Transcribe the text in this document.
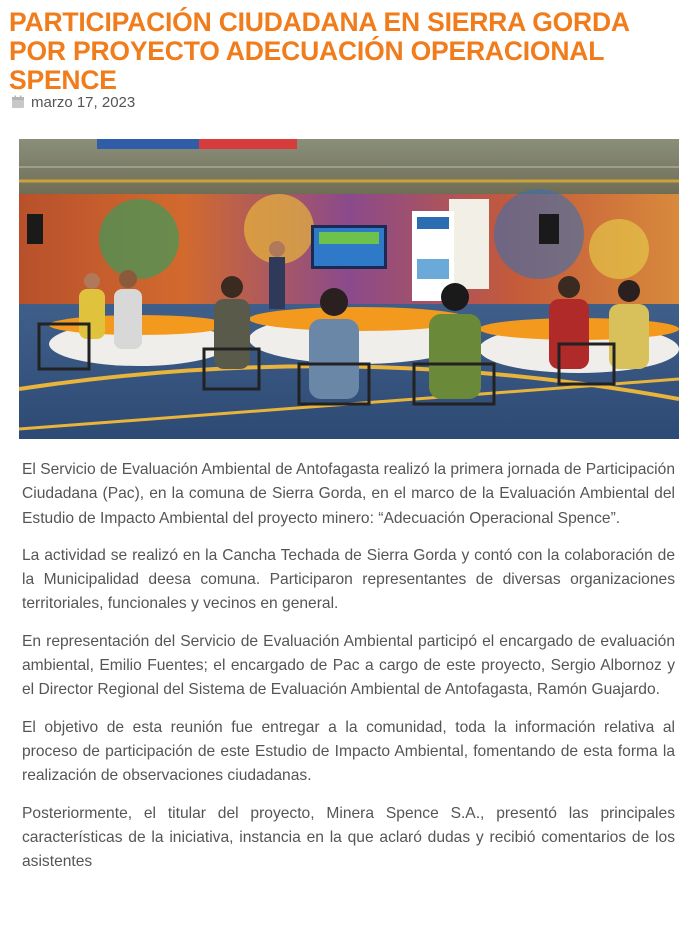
PARTICIPACIÓN CIUDADANA EN SIERRA GORDA POR PROYECTO ADECUACIÓN OPERACIONAL SPENCE
marzo 17, 2023

El Servicio de Evaluación Ambiental de Antofagasta realizó la primera jornada de Participación Ciudadana (Pac), en la comuna de Sierra Gorda, en el marco de la Evaluación Ambiental del Estudio de Impacto Ambiental del proyecto minero: “Adecuación Operacional Spence”.

La actividad se realizó en la Cancha Techada de Sierra Gorda y contó con la colaboración de la Municipalidad deesa comuna. Participaron representantes de diversas organizaciones territoriales, funcionales y vecinos en general.

En representación del Servicio de Evaluación Ambiental participó el encargado de evaluación ambiental, Emilio Fuentes; el encargado de Pac a cargo de este proyecto, Sergio Albornoz y el Director Regional del Sistema de Evaluación Ambiental de Antofagasta, Ramón Guajardo.

El objetivo de esta reunión fue entregar a la comunidad, toda la información relativa al proceso de participación de este Estudio de Impacto Ambiental, fomentando de esta forma la realización de observaciones ciudadanas.

Posteriormente, el titular del proyecto, Minera Spence S.A., presentó las principales características de la iniciativa, instancia en la que aclaró dudas y recibió comentarios de los asistentes
